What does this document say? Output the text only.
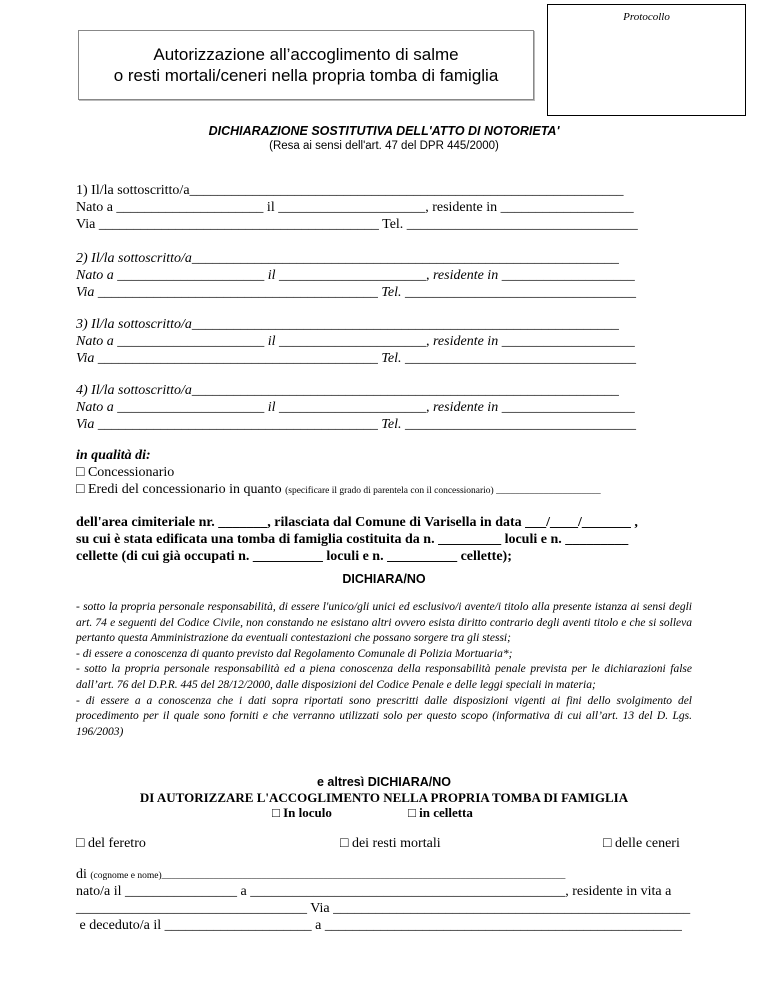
Protocollo
Autorizzazione all’accoglimento di salme
o resti mortali/ceneri nella propria tomba di famiglia
DICHIARAZIONE SOSTITUTIVA DELL'ATTO DI NOTORIETA'
(Resa ai sensi dell'art. 47 del DPR 445/2000)
1) Il/la sottoscritto/a______________________________________________________________
Nato a _____________________ il _____________________, residente in ___________________
Via ________________________________________ Tel. _________________________________
2) Il/la sottoscritto/a_____________________________________________________________
Nato a _____________________ il _____________________, residente in ___________________
Via ________________________________________ Tel. _________________________________
3) Il/la sottoscritto/a_____________________________________________________________
Nato a _____________________ il _____________________, residente in ___________________
Via ________________________________________ Tel. _________________________________
4) Il/la sottoscritto/a_____________________________________________________________
Nato a _____________________ il _____________________, residente in ___________________
Via ________________________________________ Tel. _________________________________
in qualità di:
□ Concessionario
□ Eredi del concessionario in quanto (specificare il grado di parentela con il concessionario) ______________________
dell'area cimiteriale nr. _______, rilasciata dal Comune di Varisella in data ___/____/_______ ,
su cui è stata edificata una tomba di famiglia costituita da n. _________ loculi e n. _________
cellette (di cui già occupati n. __________ loculi e n. __________ cellette);
DICHIARA/NO
- sotto la propria personale responsabilità, di essere l'unico/gli unici ed esclusivo/i avente/i titolo alla presente istanza ai sensi degli art. 74 e seguenti del Codice Civile, non constando ne esistano altri ovvero esista diritto contrario degli aventi titolo e che si solleva pertanto questa Amministrazione da eventuali contestazioni che possano sorgere tra gli stessi;
- di essere a conoscenza di quanto previsto dal Regolamento Comunale di Polizia Mortuaria*;
- sotto la propria personale responsabilità ed a piena conoscenza della responsabilità penale prevista per le dichiarazioni false dall’art. 76 del D.P.R. 445 del 28/12/2000, dalle disposizioni del Codice Penale e delle leggi speciali in materia;
- di essere a a conoscenza che i dati sopra riportati sono prescritti dalle disposizioni vigenti ai fini dello svolgimento del procedimento per il quale sono forniti e che verranno utilizzati solo per questo scopo (informativa di cui all’art. 13 del D. Lgs. 196/2003)
e altresì DICHIARA/NO
DI AUTORIZZARE L'ACCOGLIMENTO NELLA PROPRIA TOMBA DI FAMIGLIA
□ In loculo	□ in celletta
□ del feretro	□ dei resti mortali	□ delle ceneri
di (cognome e nome)_____________________________________________________________________________________
nato/a il ________________ a _____________________________________________, residente in vita a
_________________________________ Via ___________________________________________________
e deceduto/a il _____________________ a ___________________________________________________
